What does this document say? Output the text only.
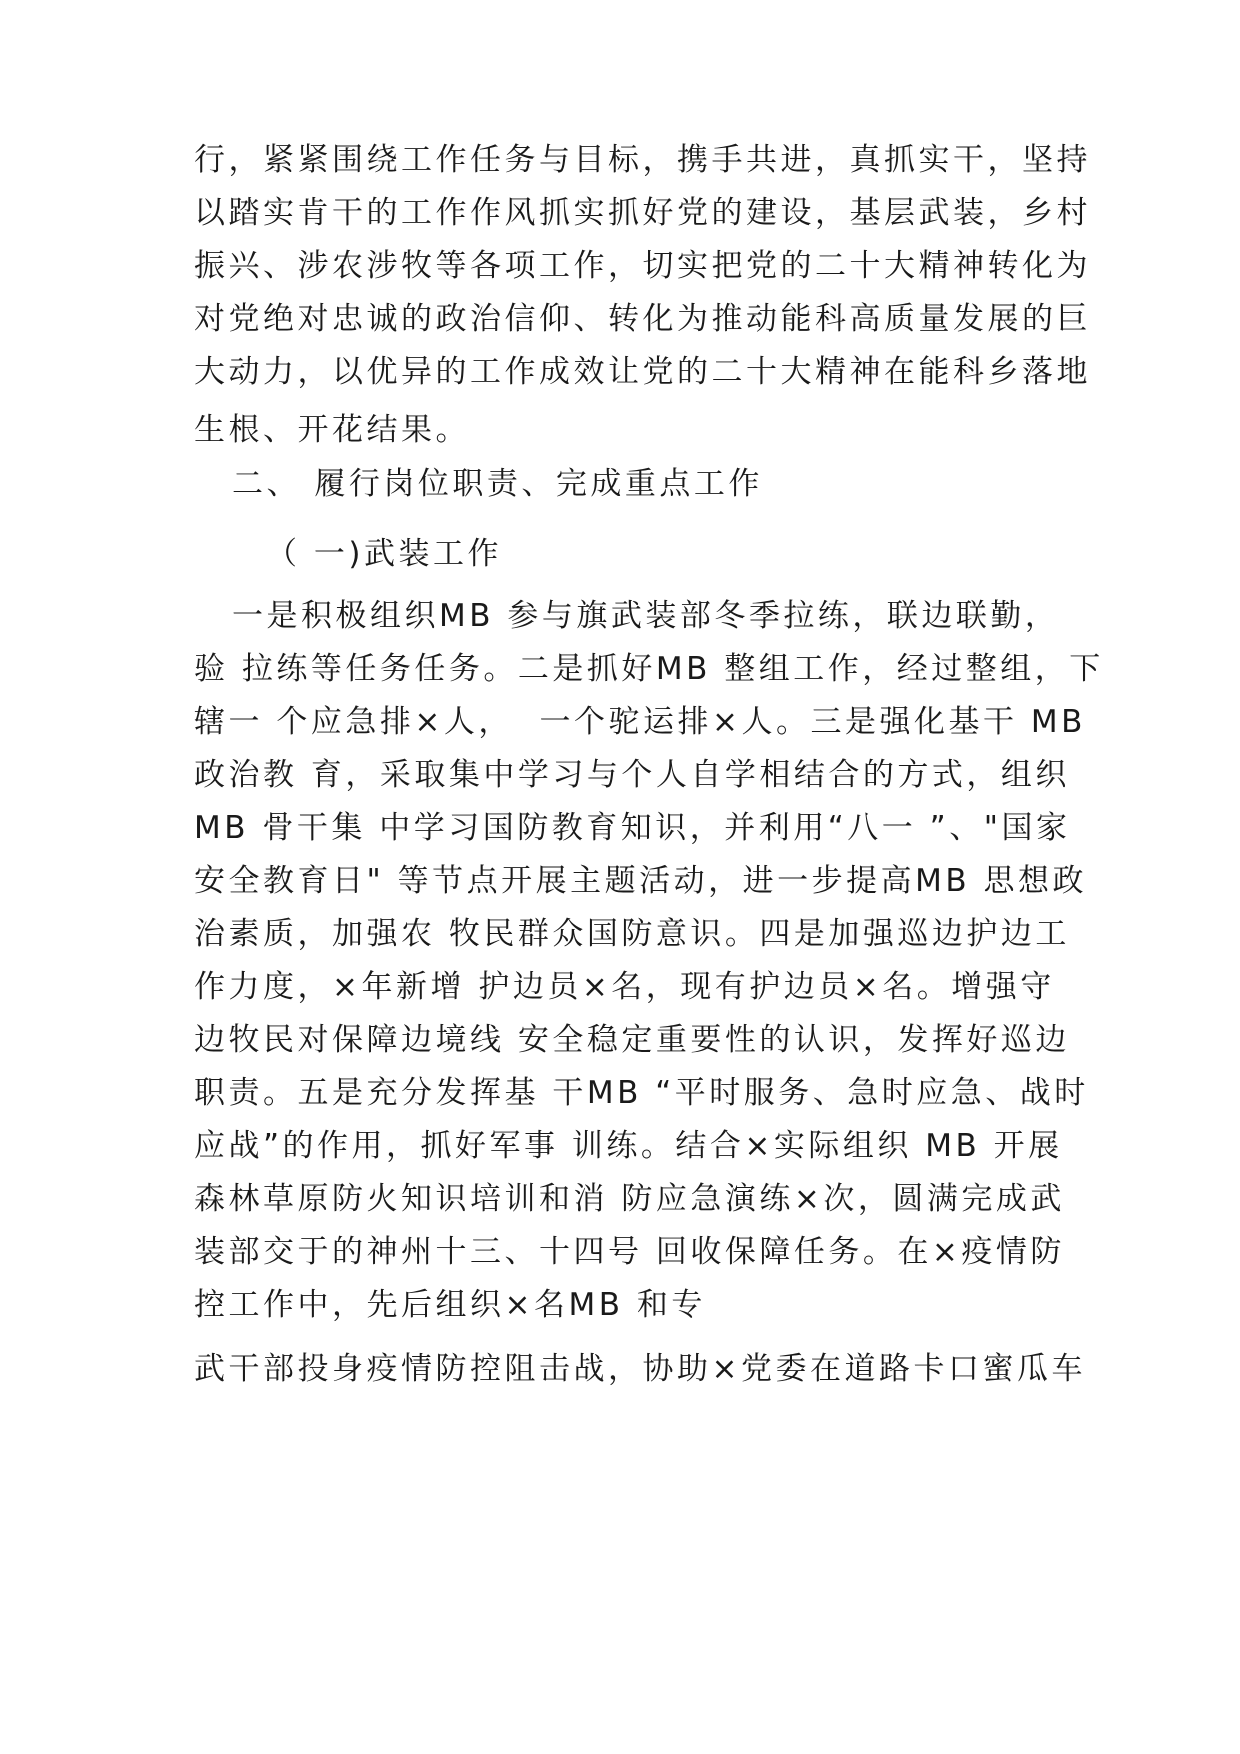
行，紧紧围绕工作任务与目标，携手共进，真抓实干，坚持
以踏实肯干的工作作风抓实抓好党的建设，基层武装，乡村
振兴、涉农涉牧等各项工作，切实把党的二十大精神转化为
对党绝对忠诚的政治信仰、转化为推动能科高质量发展的巨
大动力，以优异的工作成效让党的二十大精神在能科乡落地
生根、开花结果。
二、 履行岗位职责、完成重点工作
（ 一)武装工作
一是积极组织MB 参与旗武装部冬季拉练，联边联勤，
验 拉练等任务任务。二是抓好MB 整组工作，经过整组，下
辖一 个应急排×人，  一个驼运排×人。三是强化基干 MB
政治教 育，采取集中学习与个人自学相结合的方式，组织
MB 骨干集 中学习国防教育知识，并利用“八一 ”、"国家
安全教育日" 等节点开展主题活动，进一步提高MB 思想政
治素质，加强农 牧民群众国防意识。四是加强巡边护边工
作力度，×年新增 护边员×名，现有护边员×名。增强守
边牧民对保障边境线 安全稳定重要性的认识，发挥好巡边
职责。五是充分发挥基 干MB “平时服务、急时应急、战时
应战”的作用，抓好军事 训练。结合×实际组织 MB 开展
森林草原防火知识培训和消 防应急演练×次，圆满完成武
装部交于的神州十三、十四号 回收保障任务。在×疫情防
控工作中，先后组织×名MB 和专
武干部投身疫情防控阻击战，协助×党委在道路卡口蜜瓜车
